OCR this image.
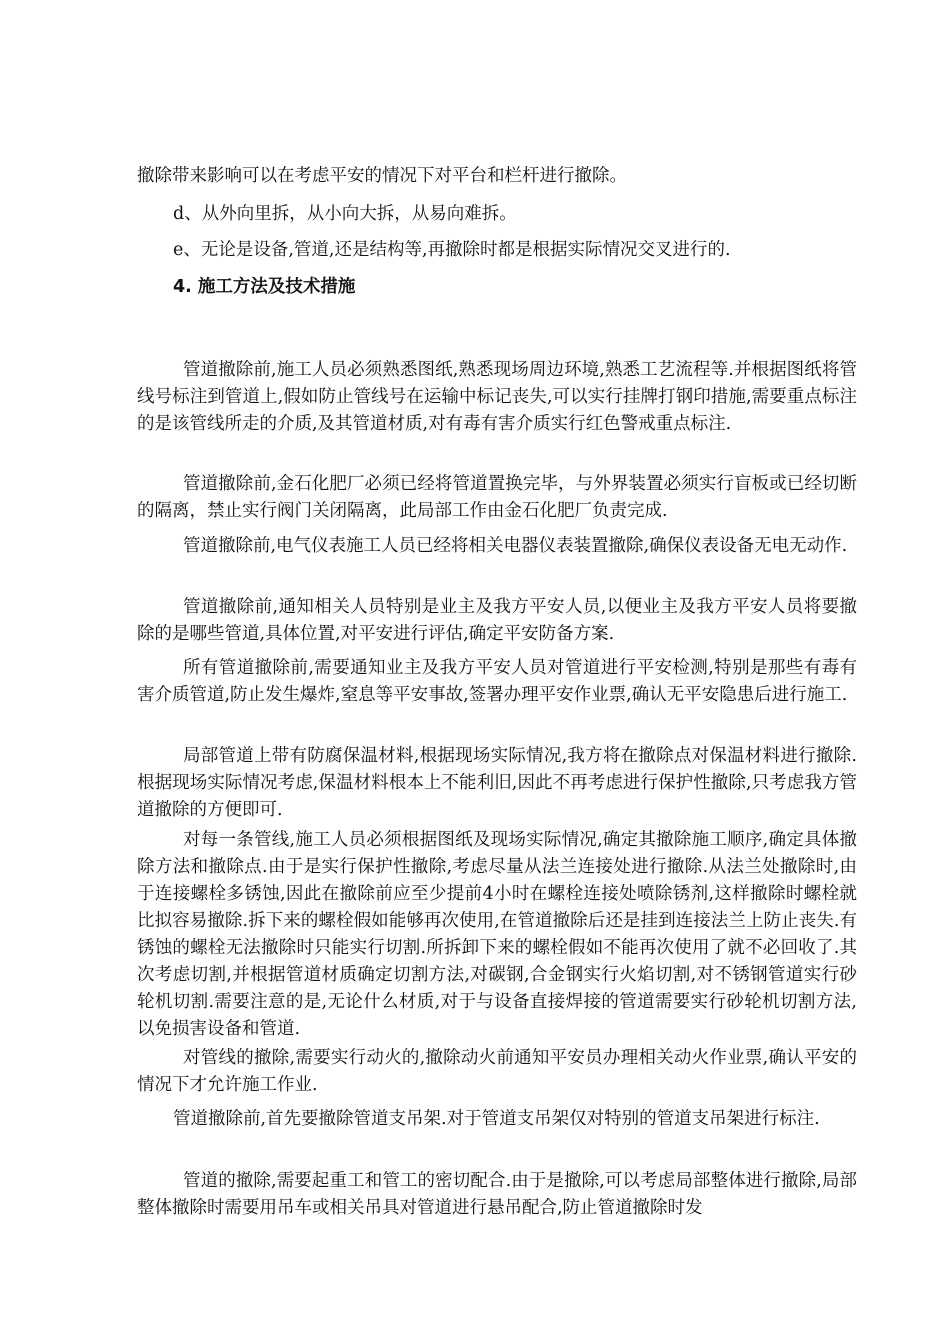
撤除带来影响可以在考虑平安的情况下对平台和栏杆进行撤除。

d、从外向里拆，从小向大拆，从易向难拆。

e、无论是设备,管道,还是结构等,再撤除时都是根据实际情况交叉进行的.

4. 施工方法及技术措施

管道撤除前,施工人员必须熟悉图纸,熟悉现场周边环境,熟悉工艺流程等.并根据图纸将管线号标注到管道上,假如防止管线号在运输中标记丧失,可以实行挂牌打钢印措施,需要重点标注的是该管线所走的介质,及其管道材质,对有毒有害介质实行红色警戒重点标注.

管道撤除前,金石化肥厂必须已经将管道置换完毕，与外界装置必须实行盲板或已经切断的隔离，禁止实行阀门关闭隔离，此局部工作由金石化肥厂负责完成.

管道撤除前,电气仪表施工人员已经将相关电器仪表装置撤除,确保仪表设备无电无动作.

管道撤除前,通知相关人员特别是业主及我方平安人员,以便业主及我方平安人员将要撤除的是哪些管道,具体位置,对平安进行评估,确定平安防备方案.

所有管道撤除前,需要通知业主及我方平安人员对管道进行平安检测,特别是那些有毒有害介质管道,防止发生爆炸,窒息等平安事故,签署办理平安作业票,确认无平安隐患后进行施工.

局部管道上带有防腐保温材料,根据现场实际情况,我方将在撤除点对保温材料进行撤除.根据现场实际情况考虑,保温材料根本上不能利旧,因此不再考虑进行保护性撤除,只考虑我方管道撤除的方便即可.

对每一条管线,施工人员必须根据图纸及现场实际情况,确定其撤除施工顺序,确定具体撤除方法和撤除点.由于是实行保护性撤除,考虑尽量从法兰连接处进行撤除.从法兰处撤除时,由于连接螺栓多锈蚀,因此在撤除前应至少提前4小时在螺栓连接处喷除锈剂,这样撤除时螺栓就比拟容易撤除.拆下来的螺栓假如能够再次使用,在管道撤除后还是挂到连接法兰上防止丧失.有锈蚀的螺栓无法撤除时只能实行切割.所拆卸下来的螺栓假如不能再次使用了就不必回收了.其次考虑切割,并根据管道材质确定切割方法,对碳钢,合金钢实行火焰切割,对不锈钢管道实行砂轮机切割.需要注意的是,无论什么材质,对于与设备直接焊接的管道需要实行砂轮机切割方法,以免损害设备和管道.

对管线的撤除,需要实行动火的,撤除动火前通知平安员办理相关动火作业票,确认平安的情况下才允许施工作业.

管道撤除前,首先要撤除管道支吊架.对于管道支吊架仅对特别的管道支吊架进行标注.

管道的撤除,需要起重工和管工的密切配合.由于是撤除,可以考虑局部整体进行撤除,局部整体撤除时需要用吊车或相关吊具对管道进行悬吊配合,防止管道撤除时发
